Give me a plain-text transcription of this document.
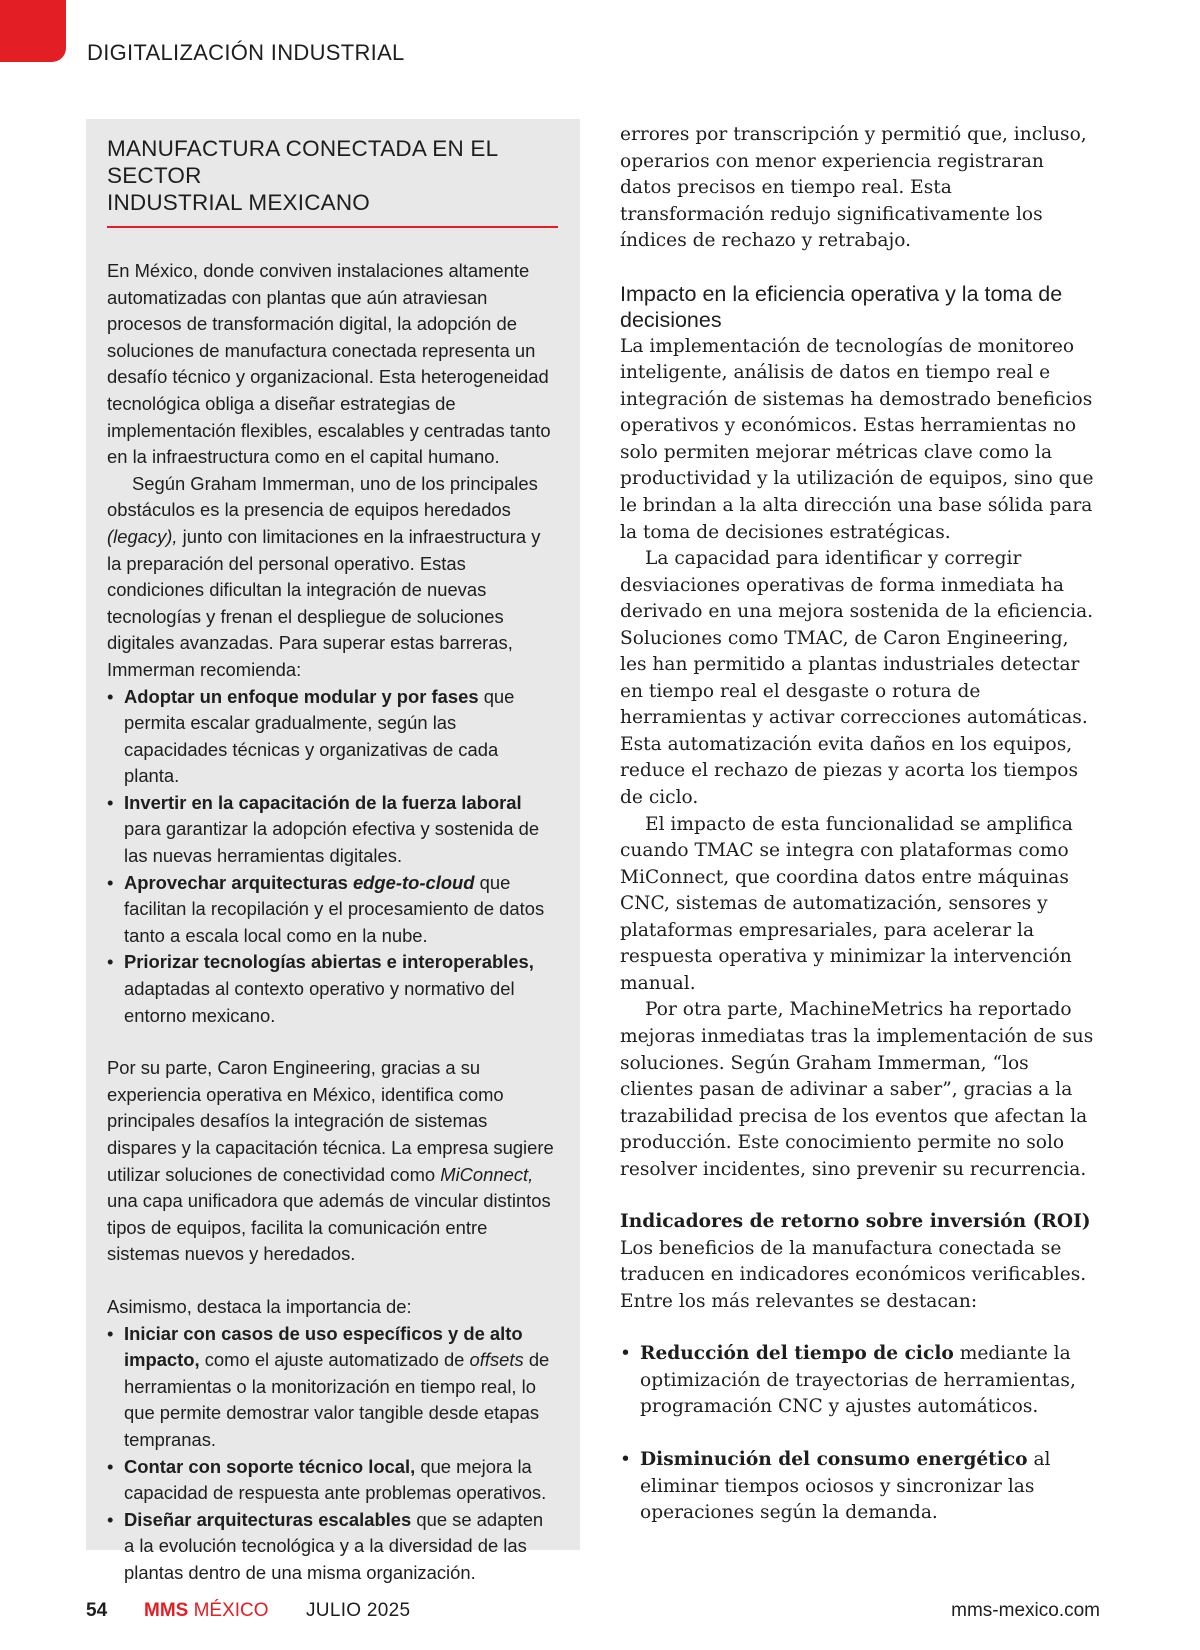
DIGITALIZACIÓN INDUSTRIAL
MANUFACTURA CONECTADA EN EL SECTOR
INDUSTRIAL MEXICANO

En México, donde conviven instalaciones altamente automatizadas con plantas que aún atraviesan procesos de transformación digital, la adopción de soluciones de manufactura conectada representa un desafío técnico y organizacional. Esta heterogeneidad tecnológica obliga a diseñar estrategias de implementación flexibles, escalables y centradas tanto en la infraestructura como en el capital humano.

Según Graham Immerman, uno de los principales obstáculos es la presencia de equipos heredados (legacy), junto con limitaciones en la infraestructura y la preparación del personal operativo. Estas condiciones dificultan la integración de nuevas tecnologías y frenan el despliegue de soluciones digitales avanzadas. Para superar estas barreras, Immerman recomienda:

• Adoptar un enfoque modular y por fases que permita escalar gradualmente, según las capacidades técnicas y organizativas de cada planta.
• Invertir en la capacitación de la fuerza laboral para garantizar la adopción efectiva y sostenida de las nuevas herramientas digitales.
• Aprovechar arquitecturas edge-to-cloud que facilitan la recopilación y el procesamiento de datos tanto a escala local como en la nube.
• Priorizar tecnologías abiertas e interoperables, adaptadas al contexto operativo y normativo del entorno mexicano.

Por su parte, Caron Engineering, gracias a su experiencia operativa en México, identifica como principales desafíos la integración de sistemas dispares y la capacitación técnica. La empresa sugiere utilizar soluciones de conectividad como MiConnect, una capa unificadora que además de vincular distintos tipos de equipos, facilita la comunicación entre sistemas nuevos y heredados.

Asimismo, destaca la importancia de:

• Iniciar con casos de uso específicos y de alto impacto, como el ajuste automatizado de offsets de herramientas o la monitorización en tiempo real, lo que permite demostrar valor tangible desde etapas tempranas.
• Contar con soporte técnico local, que mejora la capacidad de respuesta ante problemas operativos.
• Diseñar arquitecturas escalables que se adapten a la evolución tecnológica y a la diversidad de las plantas dentro de una misma organización.

errores por transcripción y permitió que, incluso, operarios con menor experiencia registraran datos precisos en tiempo real. Esta transformación redujo significativamente los índices de rechazo y retrabajo.

Impacto en la eficiencia operativa y la toma de decisiones

La implementación de tecnologías de monitoreo inteligente, análisis de datos en tiempo real e integración de sistemas ha demostrado beneficios operativos y económicos. Estas herramientas no solo permiten mejorar métricas clave como la productividad y la utilización de equipos, sino que le brindan a la alta dirección una base sólida para la toma de decisiones estratégicas.

La capacidad para identificar y corregir desviaciones operativas de forma inmediata ha derivado en una mejora sostenida de la eficiencia. Soluciones como TMAC, de Caron Engineering, les han permitido a plantas industriales detectar en tiempo real el desgaste o rotura de herramientas y activar correcciones automáticas. Esta automatización evita daños en los equipos, reduce el rechazo de piezas y acorta los tiempos de ciclo.

El impacto de esta funcionalidad se amplifica cuando TMAC se integra con plataformas como MiConnect, que coordina datos entre máquinas CNC, sistemas de automatización, sensores y plataformas empresariales, para acelerar la respuesta operativa y minimizar la intervención manual.

Por otra parte, MachineMetrics ha reportado mejoras inmediatas tras la implementación de sus soluciones. Según Graham Immerman, “los clientes pasan de adivinar a saber”, gracias a la trazabilidad precisa de los eventos que afectan la producción. Este conocimiento permite no solo resolver incidentes, sino prevenir su recurrencia.

Indicadores de retorno sobre inversión (ROI)

Los beneficios de la manufactura conectada se traducen en indicadores económicos verificables. Entre los más relevantes se destacan:

• Reducción del tiempo de ciclo mediante la optimización de trayectorias de herramientas, programación CNC y ajustes automáticos.
• Disminución del consumo energético al eliminar tiempos ociosos y sincronizar las operaciones según la demanda.
54 MMS MÉXICO JULIO 2025	mms-mexico.com
